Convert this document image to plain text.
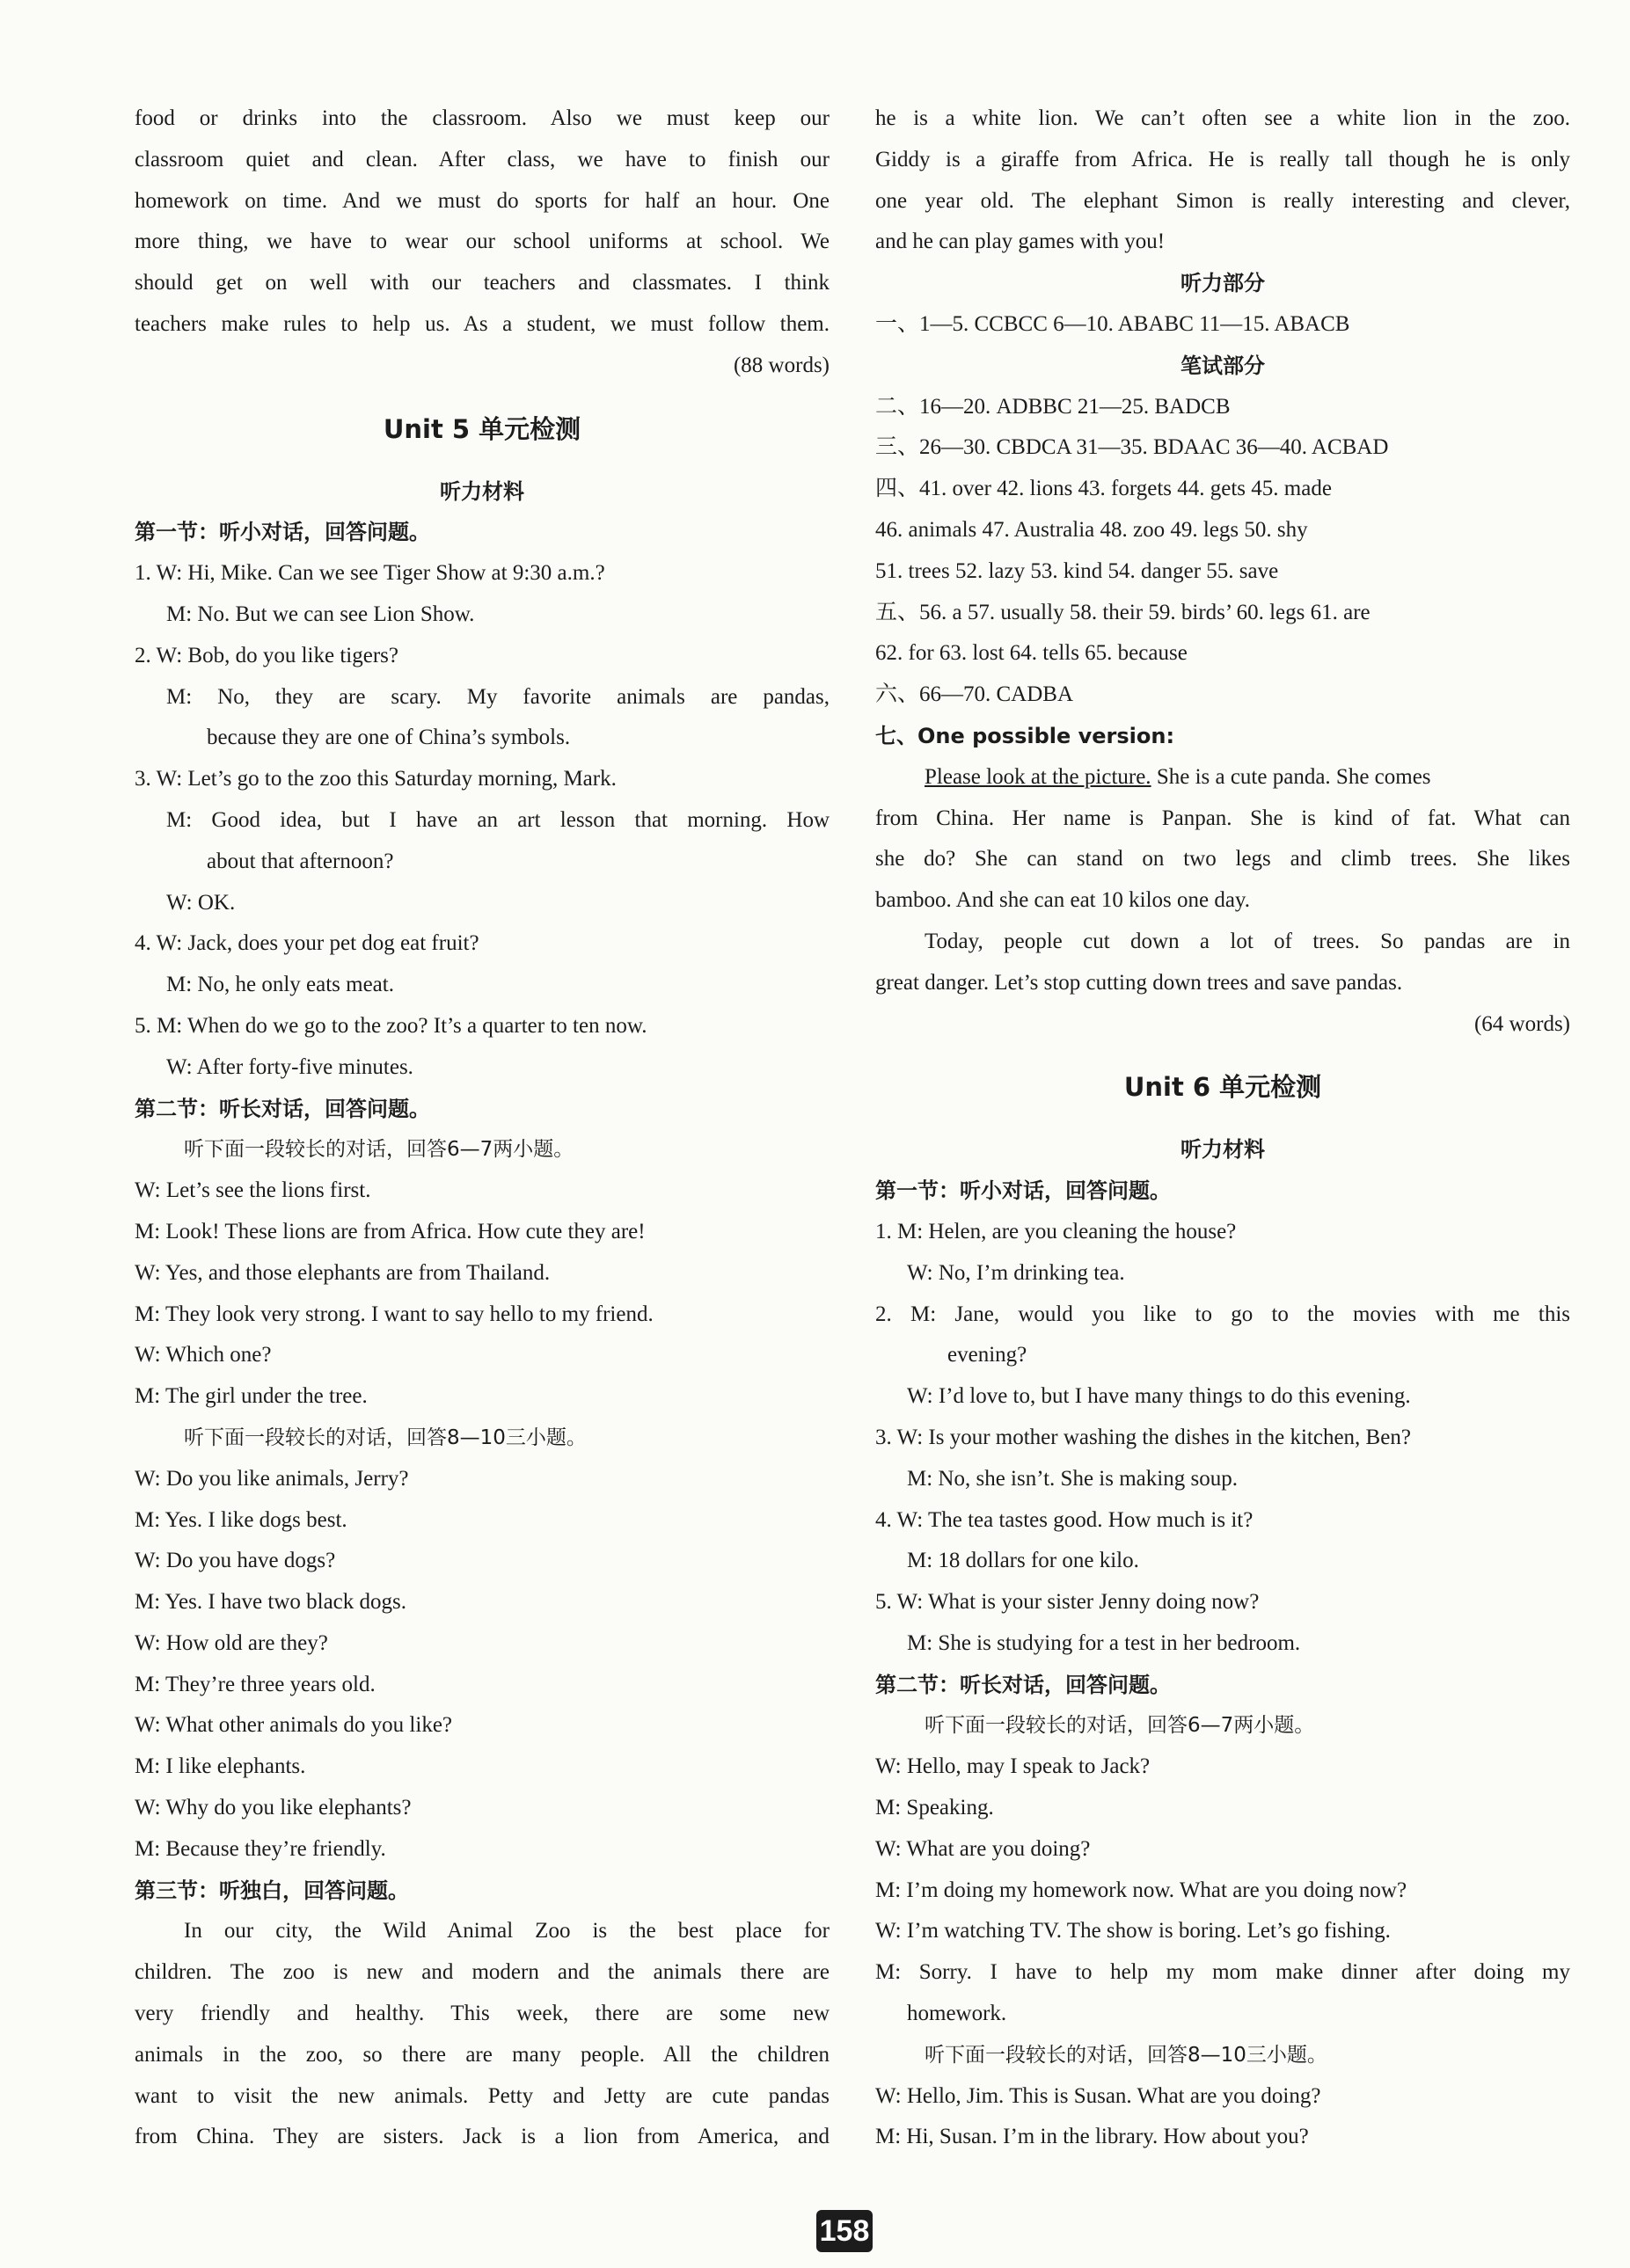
food or drinks into the classroom. Also we must keep our
classroom quiet and clean. After class, we have to finish our
homework on time. And we must do sports for half an hour. One
more thing, we have to wear our school uniforms at school. We
should get on well with our teachers and classmates. I think
teachers make rules to help us. As a student, we must follow them.
(88 words)
Unit 5 单元检测
听力材料
第一节：听小对话，回答问题。
1. W: Hi, Mike. Can we see Tiger Show at 9:30 a.m.?
M: No. But we can see Lion Show.
2. W: Bob, do you like tigers?
M: No, they are scary. My favorite animals are pandas,
because they are one of China’s symbols.
3. W: Let’s go to the zoo this Saturday morning, Mark.
M: Good idea, but I have an art lesson that morning. How
about that afternoon?
W: OK.
4. W: Jack, does your pet dog eat fruit?
M: No, he only eats meat.
5. M: When do we go to the zoo? It’s a quarter to ten now.
W: After forty-five minutes.
第二节：听长对话，回答问题。
听下面一段较长的对话，回答6—7两小题。
W: Let’s see the lions first.
M: Look! These lions are from Africa. How cute they are!
W: Yes, and those elephants are from Thailand.
M: They look very strong. I want to say hello to my friend.
W: Which one?
M: The girl under the tree.
听下面一段较长的对话，回答8—10三小题。
W: Do you like animals, Jerry?
M: Yes. I like dogs best.
W: Do you have dogs?
M: Yes. I have two black dogs.
W: How old are they?
M: They’re three years old.
W: What other animals do you like?
M: I like elephants.
W: Why do you like elephants?
M: Because they’re friendly.
第三节：听独白，回答问题。
In our city, the Wild Animal Zoo is the best place for
children. The zoo is new and modern and the animals there are
very friendly and healthy. This week, there are some new
animals in the zoo, so there are many people. All the children
want to visit the new animals. Petty and Jetty are cute pandas
from China. They are sisters. Jack is a lion from America, and
he is a white lion. We can’t often see a white lion in the zoo.
Giddy is a giraffe from Africa. He is really tall though he is only
one year old. The elephant Simon is really interesting and clever,
and he can play games with you!
听力部分
一、1—5. CCBCC 6—10. ABABC 11—15. ABACB
笔试部分
二、16—20. ADBBC 21—25. BADCB
三、26—30. CBDCA 31—35. BDAAC 36—40. ACBAD
四、41. over 42. lions 43. forgets 44. gets 45. made
46. animals 47. Australia 48. zoo 49. legs 50. shy
51. trees 52. lazy 53. kind 54. danger 55. save
五、56. a 57. usually 58. their 59. birds’ 60. legs 61. are
62. for 63. lost 64. tells 65. because
六、66—70. CADBA
七、One possible version:
Please look at the picture. She is a cute panda. She comes
from China. Her name is Panpan. She is kind of fat. What can
she do? She can stand on two legs and climb trees. She likes
bamboo. And she can eat 10 kilos one day.
Today, people cut down a lot of trees. So pandas are in
great danger. Let’s stop cutting down trees and save pandas.
(64 words)
Unit 6 单元检测
听力材料
第一节：听小对话，回答问题。
1. M: Helen, are you cleaning the house?
W: No, I’m drinking tea.
2. M: Jane, would you like to go to the movies with me this
evening?
W: I’d love to, but I have many things to do this evening.
3. W: Is your mother washing the dishes in the kitchen, Ben?
M: No, she isn’t. She is making soup.
4. W: The tea tastes good. How much is it?
M: 18 dollars for one kilo.
5. W: What is your sister Jenny doing now?
M: She is studying for a test in her bedroom.
第二节：听长对话，回答问题。
听下面一段较长的对话，回答6—7两小题。
W: Hello, may I speak to Jack?
M: Speaking.
W: What are you doing?
M: I’m doing my homework now. What are you doing now?
W: I’m watching TV. The show is boring. Let’s go fishing.
M: Sorry. I have to help my mom make dinner after doing my
homework.
听下面一段较长的对话，回答8—10三小题。
W: Hello, Jim. This is Susan. What are you doing?
M: Hi, Susan. I’m in the library. How about you?
158
